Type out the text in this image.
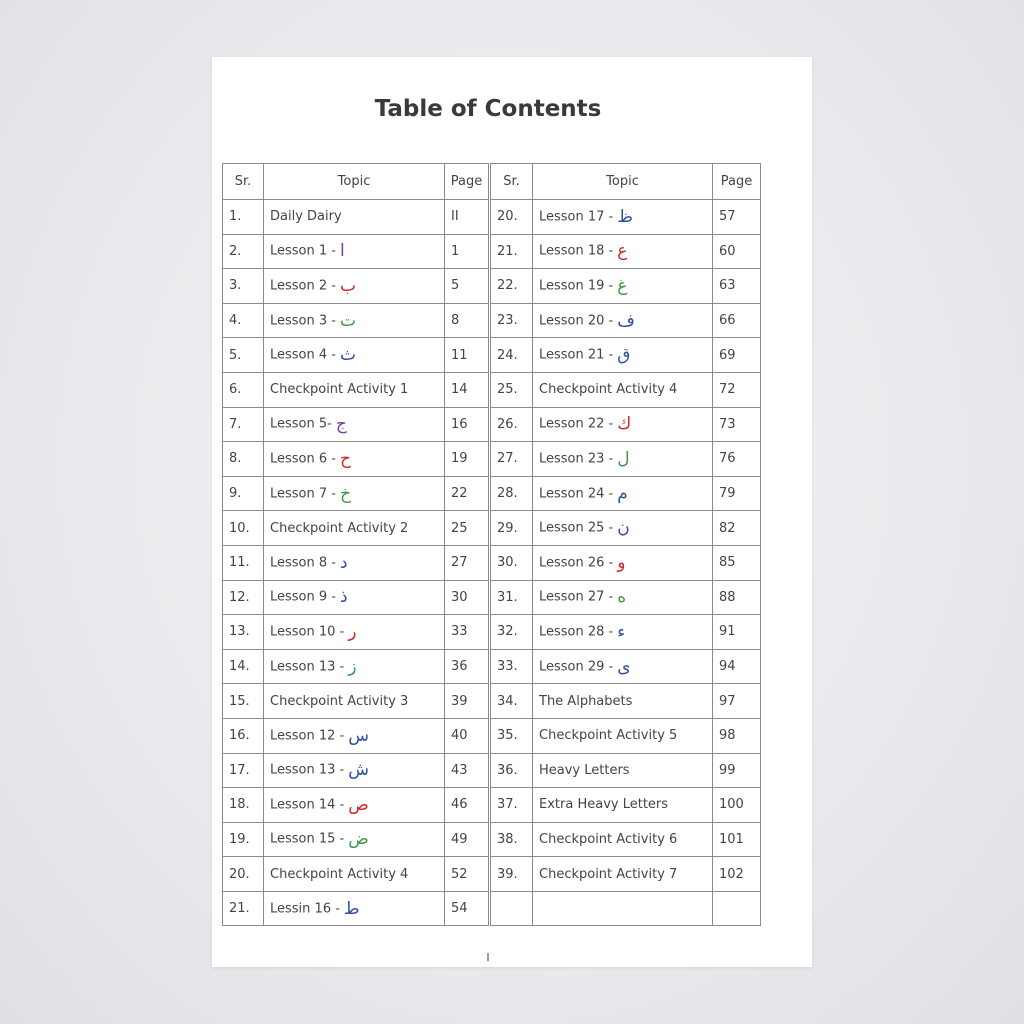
Table of Contents
Sr.	Topic	Page	Sr.	Topic	Page
1.	Daily Dairy	II	20.	Lesson 17 - ظ	57
2.	Lesson 1 - ا	1	21.	Lesson 18 - ع	60
3.	Lesson 2 - ب	5	22.	Lesson 19 - غ	63
4.	Lesson 3 - ت	8	23.	Lesson 20 - ف	66
5.	Lesson 4 - ث	11	24.	Lesson 21 - ق	69
6.	Checkpoint Activity 1	14	25.	Checkpoint Activity 4	72
7.	Lesson 5- ج	16	26.	Lesson 22 - ك	73
8.	Lesson 6 - ح	19	27.	Lesson 23 - ل	76
9.	Lesson 7 - خ	22	28.	Lesson 24 - م	79
10.	Checkpoint Activity 2	25	29.	Lesson 25 - ن	82
11.	Lesson 8 - د	27	30.	Lesson 26 - و	85
12.	Lesson 9 - ذ	30	31.	Lesson 27 - ه	88
13.	Lesson 10 - ر	33	32.	Lesson 28 - ء	91
14.	Lesson 13 - ز	36	33.	Lesson 29 - ى	94
15.	Checkpoint Activity 3	39	34.	The Alphabets	97
16.	Lesson 12 - س	40	35.	Checkpoint Activity 5	98
17.	Lesson 13 - ش	43	36.	Heavy Letters	99
18.	Lesson 14 - ص	46	37.	Extra Heavy Letters	100
19.	Lesson 15 - ض	49	38.	Checkpoint Activity 6	101
20.	Checkpoint Activity 4	52	39.	Checkpoint Activity 7	102
21.	Lessin 16 - ط	54			
I
